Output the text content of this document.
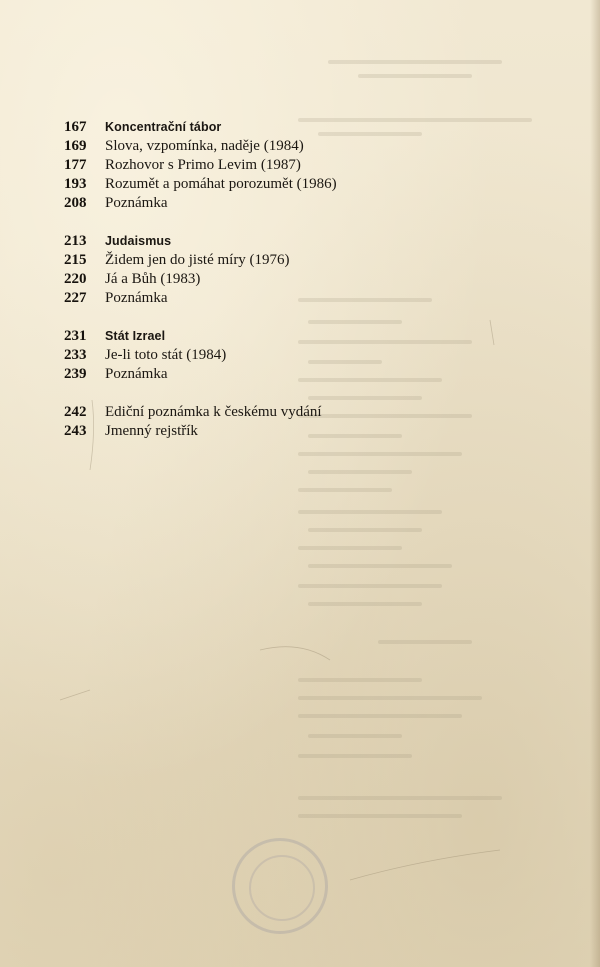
167	Koncentrační tábor
169	Slova, vzpomínka, naděje (1984)
177	Rozhovor s Primo Levim (1987)
193	Rozumět a pomáhat porozumět (1986)
208	Poznámka
213	Judaismus
215	Židem jen do jisté míry (1976)
220	Já a Bůh (1983)
227	Poznámka
231	Stát Izrael
233	Je-li toto stát (1984)
239	Poznámka
242	Ediční poznámka k českému vydání
243	Jmenný rejstřík
